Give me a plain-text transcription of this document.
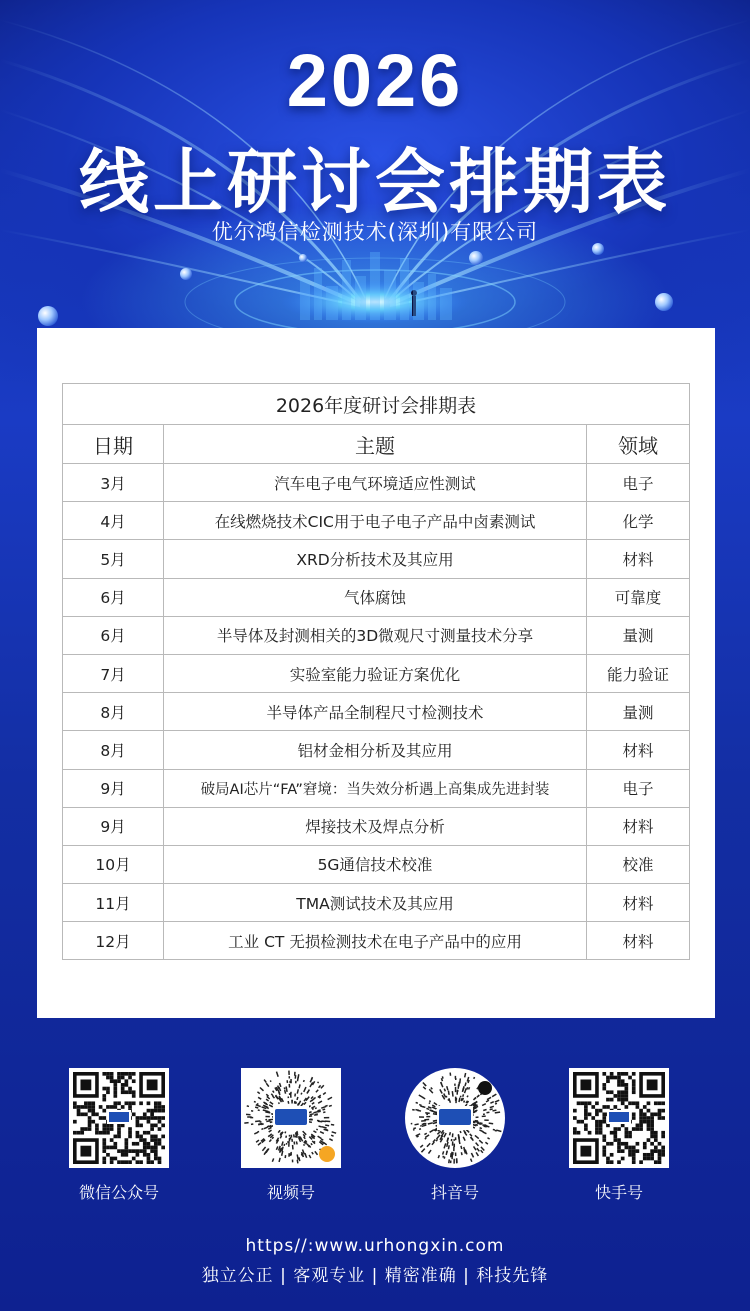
2026
线上研讨会排期表
优尔鸿信检测技术(深圳)有限公司
2026年度研讨会排期表		
日期	主题	领域
3月	汽车电子电气环境适应性测试	电子
4月	在线燃烧技术CIC用于电子电子产品中卤素测试	化学
5月	XRD分析技术及其应用	材料
6月	气体腐蚀	可靠度
6月	半导体及封测相关的3D微观尺寸测量技术分享	量测
7月	实验室能力验证方案优化	能力验证
8月	半导体产品全制程尺寸检测技术	量测
8月	铝材金相分析及其应用	材料
9月	破局AI芯片“FA”窘境：当失效分析遇上高集成先进封装	电子
9月	焊接技术及焊点分析	材料
10月	5G通信技术校准	校准
11月	TMA测试技术及其应用	材料
12月	工业 CT 无损检测技术在电子产品中的应用	材料
微信公众号	视频号	抖音号	快手号
https//:www.urhongxin.com
独立公正 | 客观专业 | 精密准确 | 科技先锋
